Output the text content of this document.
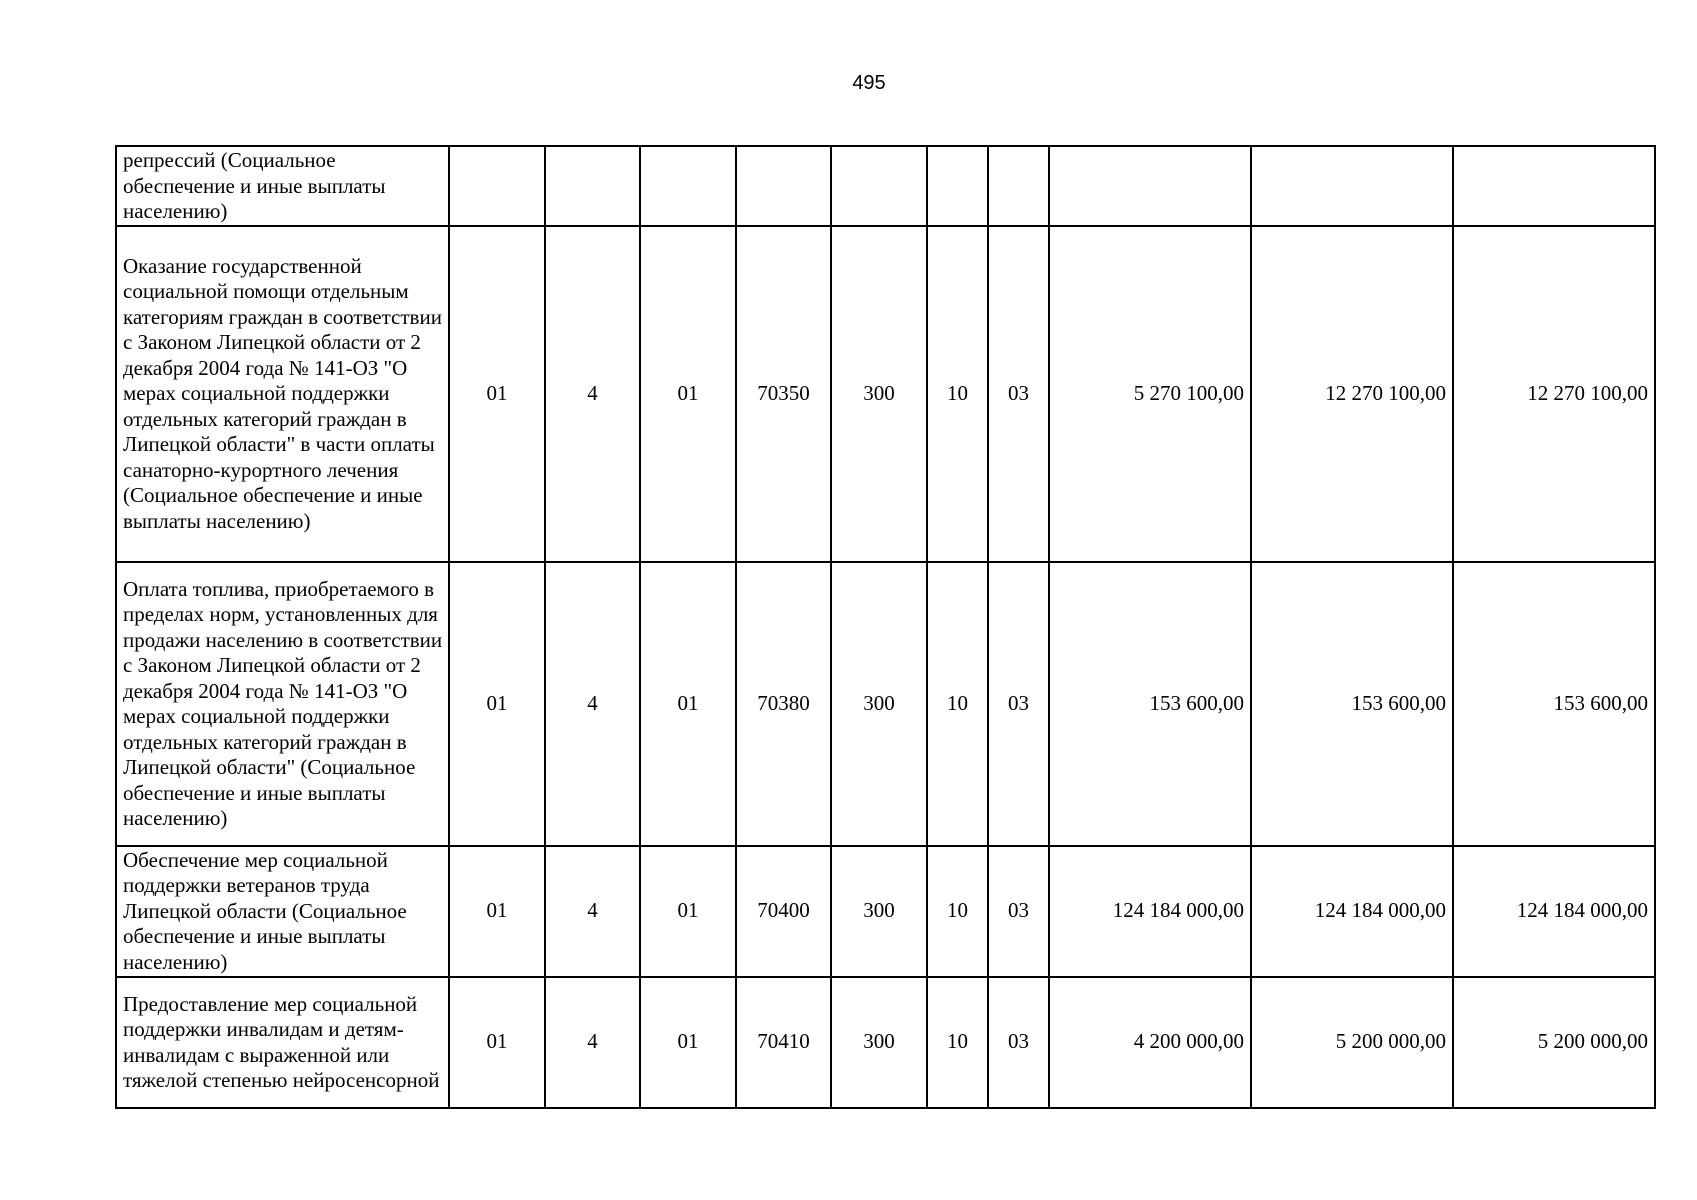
495
репрессий (Социальное обеспечение и иные выплаты населению)										
Оказание государственной социальной помощи отдельным категориям граждан в соответствии с Законом Липецкой области от 2 декабря 2004 года № 141-ОЗ "О мерах социальной поддержки отдельных категорий граждан в Липецкой области" в части оплаты санаторно-курортного лечения (Социальное обеспечение и иные выплаты населению)	01	4	01	70350	300	10	03	5 270 100,00	12 270 100,00	12 270 100,00
Оплата топлива, приобретаемого в пределах норм, установленных для продажи населению в соответствии с Законом Липецкой области от 2 декабря 2004 года № 141-ОЗ "О мерах социальной поддержки отдельных категорий граждан в Липецкой области" (Социальное обеспечение и иные выплаты населению)	01	4	01	70380	300	10	03	153 600,00	153 600,00	153 600,00
Обеспечение мер социальной поддержки ветеранов труда Липецкой области (Социальное обеспечение и иные выплаты населению)	01	4	01	70400	300	10	03	124 184 000,00	124 184 000,00	124 184 000,00
Предоставление мер социальной поддержки инвалидам и детям-инвалидам с выраженной или тяжелой степенью нейросенсорной	01	4	01	70410	300	10	03	4 200 000,00	5 200 000,00	5 200 000,00
